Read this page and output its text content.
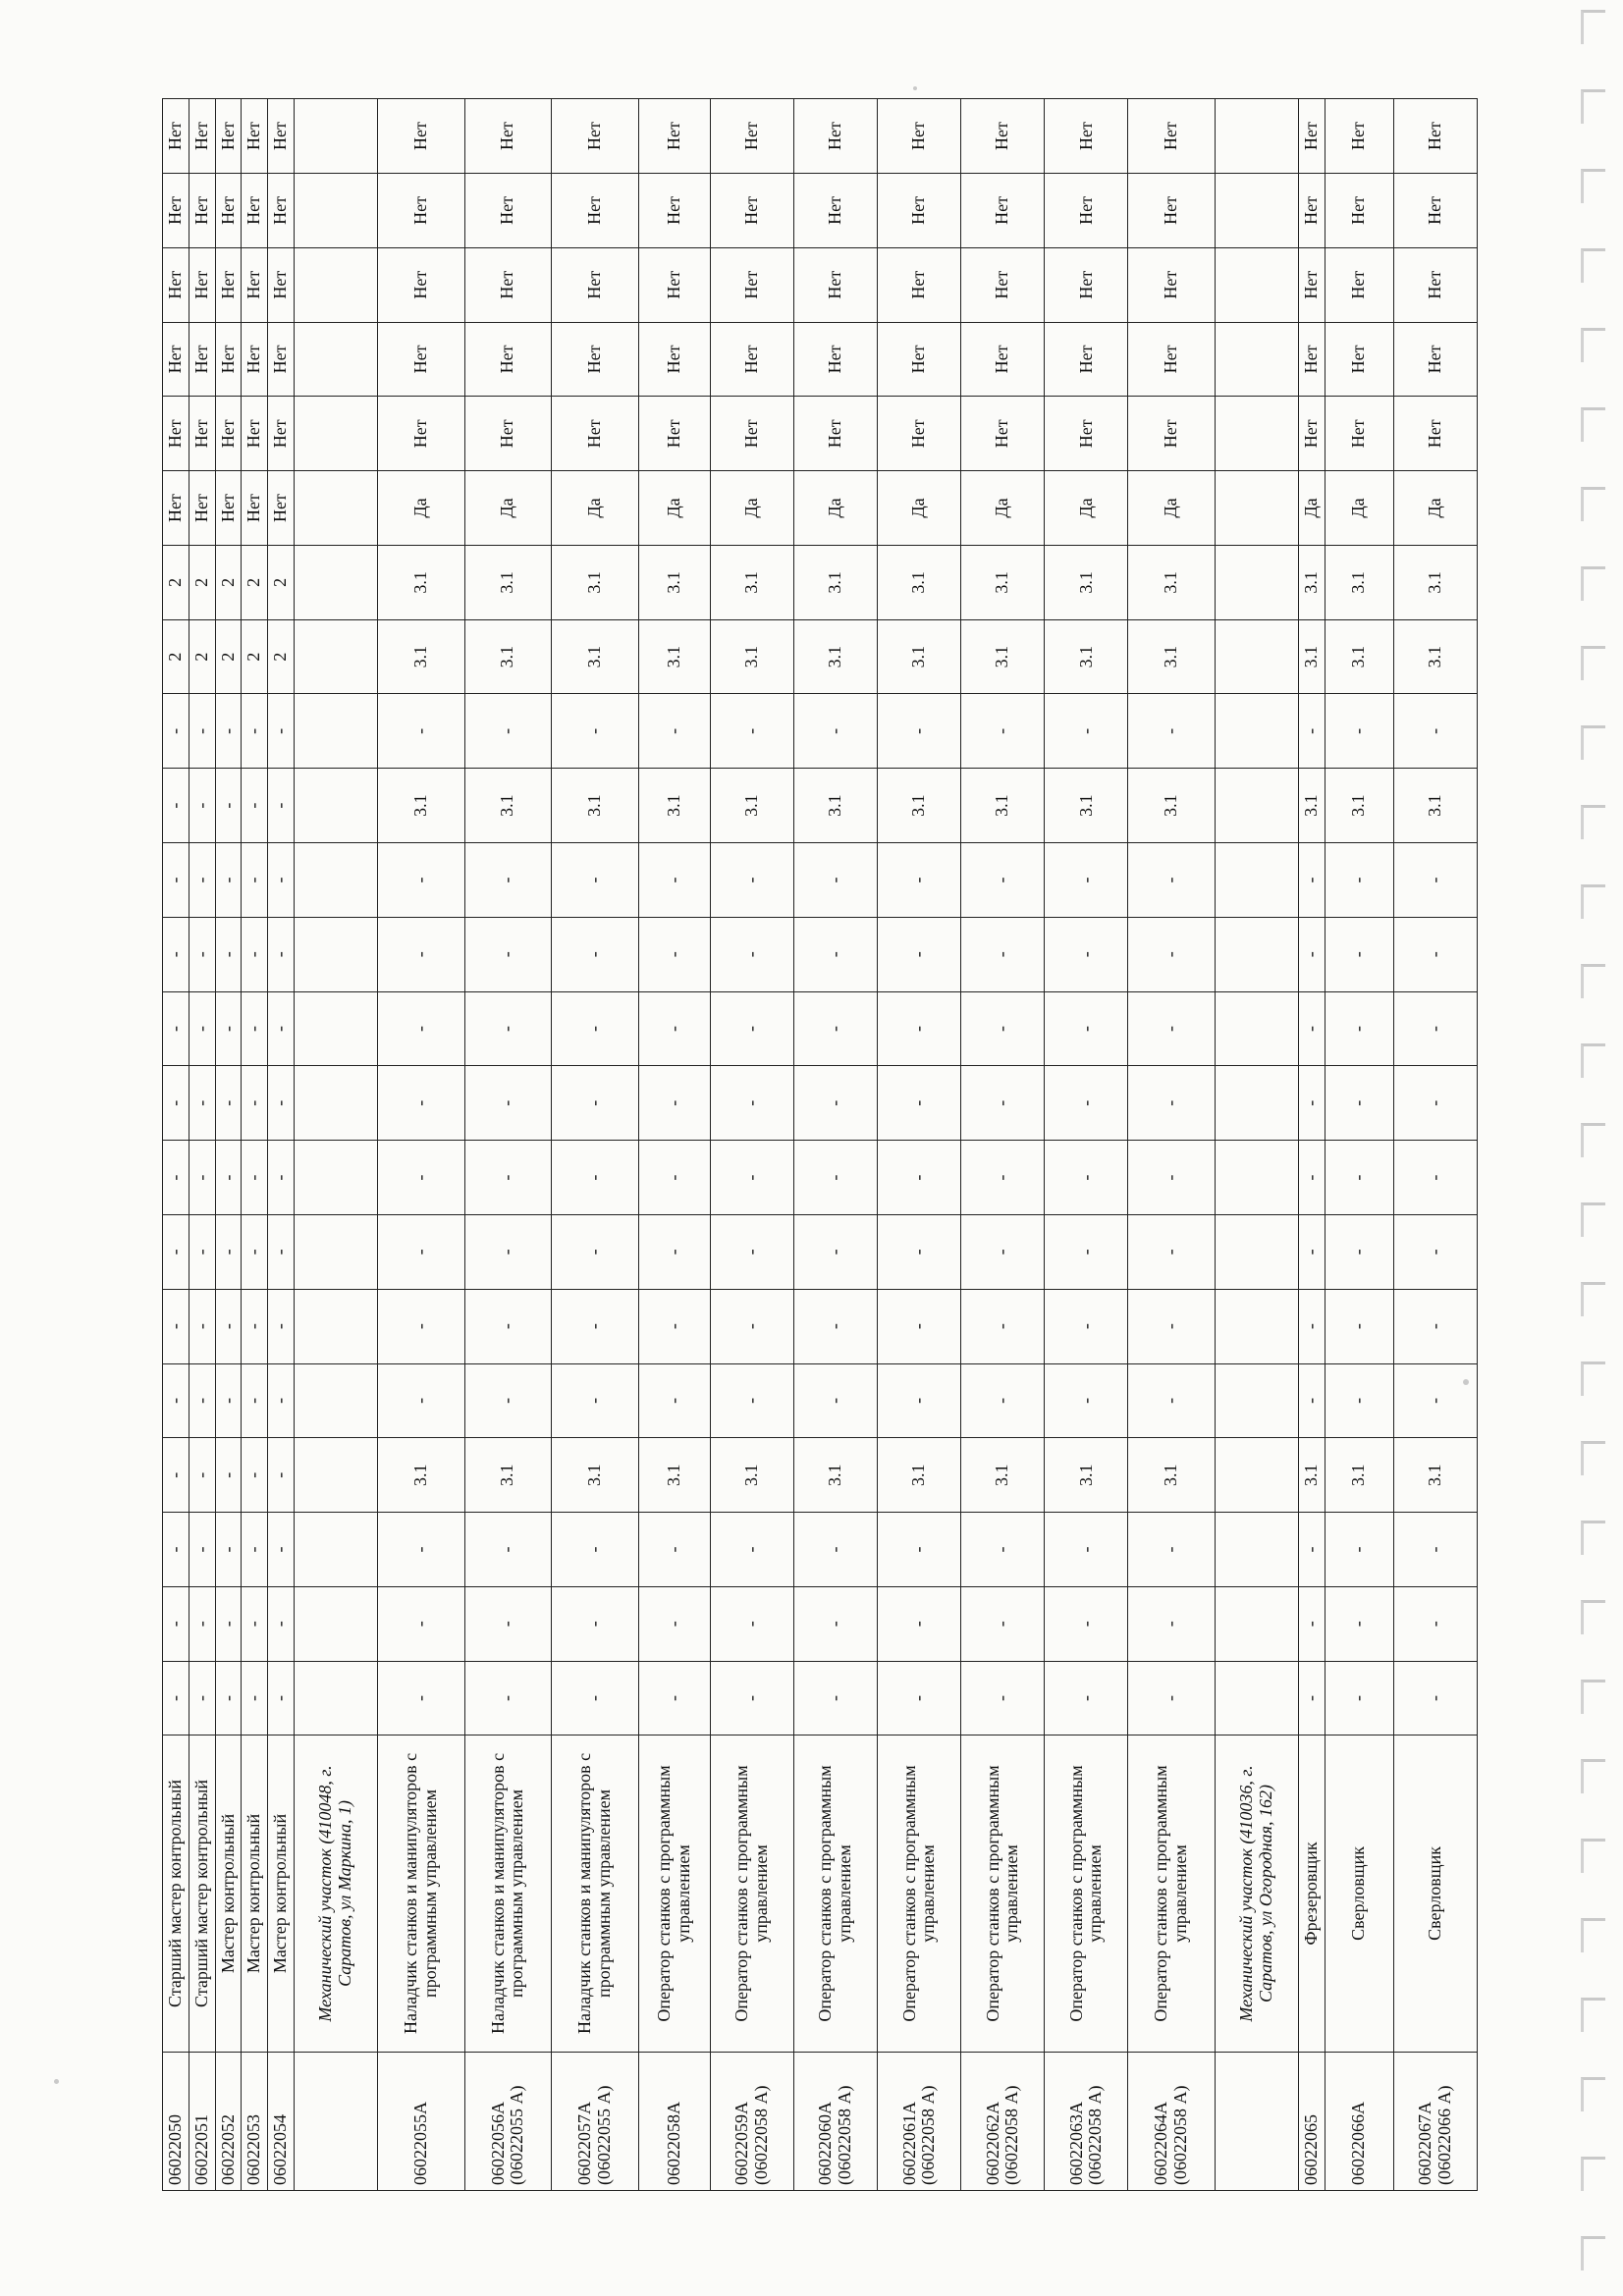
06022050	Старший мастер контрольный	-	-	-	-	-	-	-	-	-	-	-	-	-	-	2	2	Нет	Нет	Нет	Нет	Нет	Нет
06022051	Старший мастер контрольный	-	-	-	-	-	-	-	-	-	-	-	-	-	-	2	2	Нет	Нет	Нет	Нет	Нет	Нет
06022052	Мастер контрольный	-	-	-	-	-	-	-	-	-	-	-	-	-	-	2	2	Нет	Нет	Нет	Нет	Нет	Нет
06022053	Мастер контрольный	-	-	-	-	-	-	-	-	-	-	-	-	-	-	2	2	Нет	Нет	Нет	Нет	Нет	Нет
06022054	Мастер контрольный	-	-	-	-	-	-	-	-	-	-	-	-	-	-	2	2	Нет	Нет	Нет	Нет	Нет	Нет
	Механический участок (410048, г. Саратов, ул Маркина, 1)																						
06022055А	Наладчик станков и манипуляторов с программным управлением	-	-	-	3.1	-	-	-	-	-	-	-	-	3.1	-	3.1	3.1	Да	Нет	Нет	Нет	Нет	Нет
06022056А (06022055 А)	Наладчик станков и манипуляторов с программным управлением	-	-	-	3.1	-	-	-	-	-	-	-	-	3.1	-	3.1	3.1	Да	Нет	Нет	Нет	Нет	Нет
06022057А (06022055 А)	Наладчик станков и манипуляторов с программным управлением	-	-	-	3.1	-	-	-	-	-	-	-	-	3.1	-	3.1	3.1	Да	Нет	Нет	Нет	Нет	Нет
06022058А	Оператор станков с программным управлением	-	-	-	3.1	-	-	-	-	-	-	-	-	3.1	-	3.1	3.1	Да	Нет	Нет	Нет	Нет	Нет
06022059А (06022058 А)	Оператор станков с программным управлением	-	-	-	3.1	-	-	-	-	-	-	-	-	3.1	-	3.1	3.1	Да	Нет	Нет	Нет	Нет	Нет
06022060А (06022058 А)	Оператор станков с программным управлением	-	-	-	3.1	-	-	-	-	-	-	-	-	3.1	-	3.1	3.1	Да	Нет	Нет	Нет	Нет	Нет
06022061А (06022058 А)	Оператор станков с программным управлением	-	-	-	3.1	-	-	-	-	-	-	-	-	3.1	-	3.1	3.1	Да	Нет	Нет	Нет	Нет	Нет
06022062А (06022058 А)	Оператор станков с программным управлением	-	-	-	3.1	-	-	-	-	-	-	-	-	3.1	-	3.1	3.1	Да	Нет	Нет	Нет	Нет	Нет
06022063А (06022058 А)	Оператор станков с программным управлением	-	-	-	3.1	-	-	-	-	-	-	-	-	3.1	-	3.1	3.1	Да	Нет	Нет	Нет	Нет	Нет
06022064А (06022058 А)	Оператор станков с программным управлением	-	-	-	3.1	-	-	-	-	-	-	-	-	3.1	-	3.1	3.1	Да	Нет	Нет	Нет	Нет	Нет
	Механический участок (410036, г. Саратов, ул Огородная, 162)																						
06022065	Фрезеровщик	-	-	-	3.1	-	-	-	-	-	-	-	-	3.1	-	3.1	3.1	Да	Нет	Нет	Нет	Нет	Нет
06022066А	Сверловщик	-	-	-	3.1	-	-	-	-	-	-	-	-	3.1	-	3.1	3.1	Да	Нет	Нет	Нет	Нет	Нет
06022067А (06022066 А)	Сверловщик	-	-	-	3.1	-	-	-	-	-	-	-	-	3.1	-	3.1	3.1	Да	Нет	Нет	Нет	Нет	Нет
